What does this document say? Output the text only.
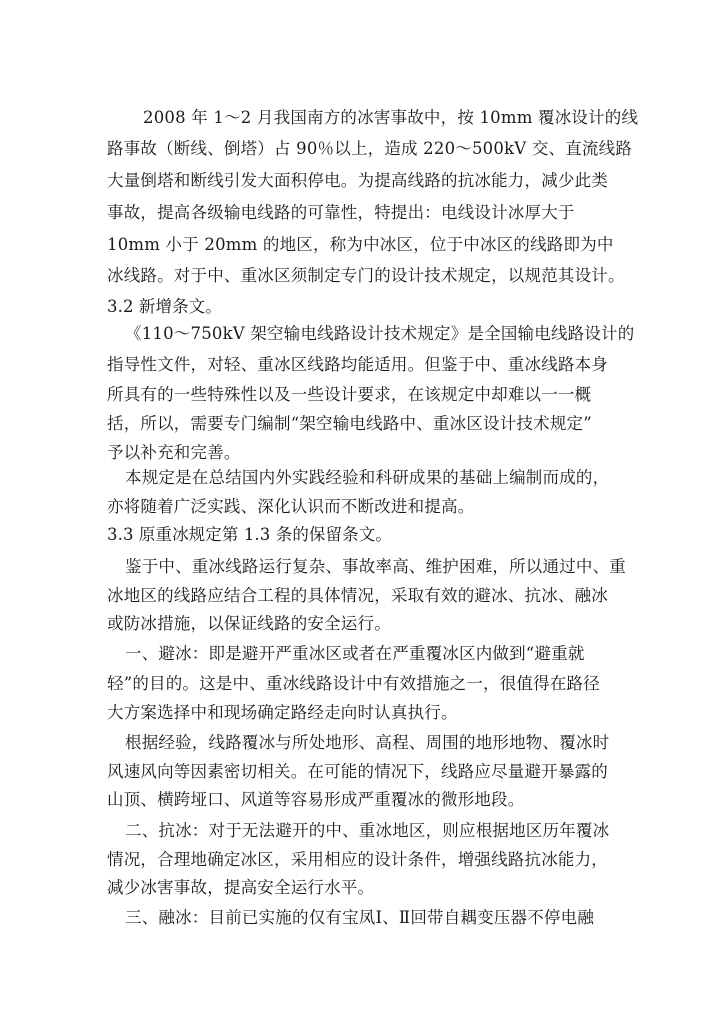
2008 年 1～2 月我国南方的冰害事故中，按 10mm 覆冰设计的线
路事故（断线、倒塔）占 90％以上，造成 220～500kV 交、直流线路
大量倒塔和断线引发大面积停电。为提高线路的抗冰能力，减少此类
事故，提高各级输电线路的可靠性，特提出：电线设计冰厚大于
10mm 小于 20mm 的地区，称为中冰区，位于中冰区的线路即为中
冰线路。对于中、重冰区须制定专门的设计技术规定，以规范其设计。
3.2 新增条文。
《110～750kV 架空输电线路设计技术规定》是全国输电线路设计的
指导性文件，对轻、重冰区线路均能适用。但鉴于中、重冰线路本身
所具有的一些特殊性以及一些设计要求，在该规定中却难以一一概
括，所以，需要专门编制“架空输电线路中、重冰区设计技术规定”
予以补充和完善。
本规定是在总结国内外实践经验和科研成果的基础上编制而成的，
亦将随着广泛实践、深化认识而不断改进和提高。
3.3 原重冰规定第 1.3 条的保留条文。
鉴于中、重冰线路运行复杂、事故率高、维护困难，所以通过中、重
冰地区的线路应结合工程的具体情况，采取有效的避冰、抗冰、融冰
或防冰措施，以保证线路的安全运行。
一、避冰：即是避开严重冰区或者在严重覆冰区内做到“避重就
轻”的目的。这是中、重冰线路设计中有效措施之一，很值得在路径
大方案选择中和现场确定路经走向时认真执行。
根据经验，线路覆冰与所处地形、高程、周围的地形地物、覆冰时
风速风向等因素密切相关。在可能的情况下，线路应尽量避开暴露的
山顶、横跨垭口、风道等容易形成严重覆冰的微形地段。
二、抗冰：对于无法避开的中、重冰地区，则应根据地区历年覆冰
情况，合理地确定冰区，采用相应的设计条件，增强线路抗冰能力，
减少冰害事故，提高安全运行水平。
三、融冰：目前已实施的仅有宝凤Ⅰ、Ⅱ回带自耦变压器不停电融
